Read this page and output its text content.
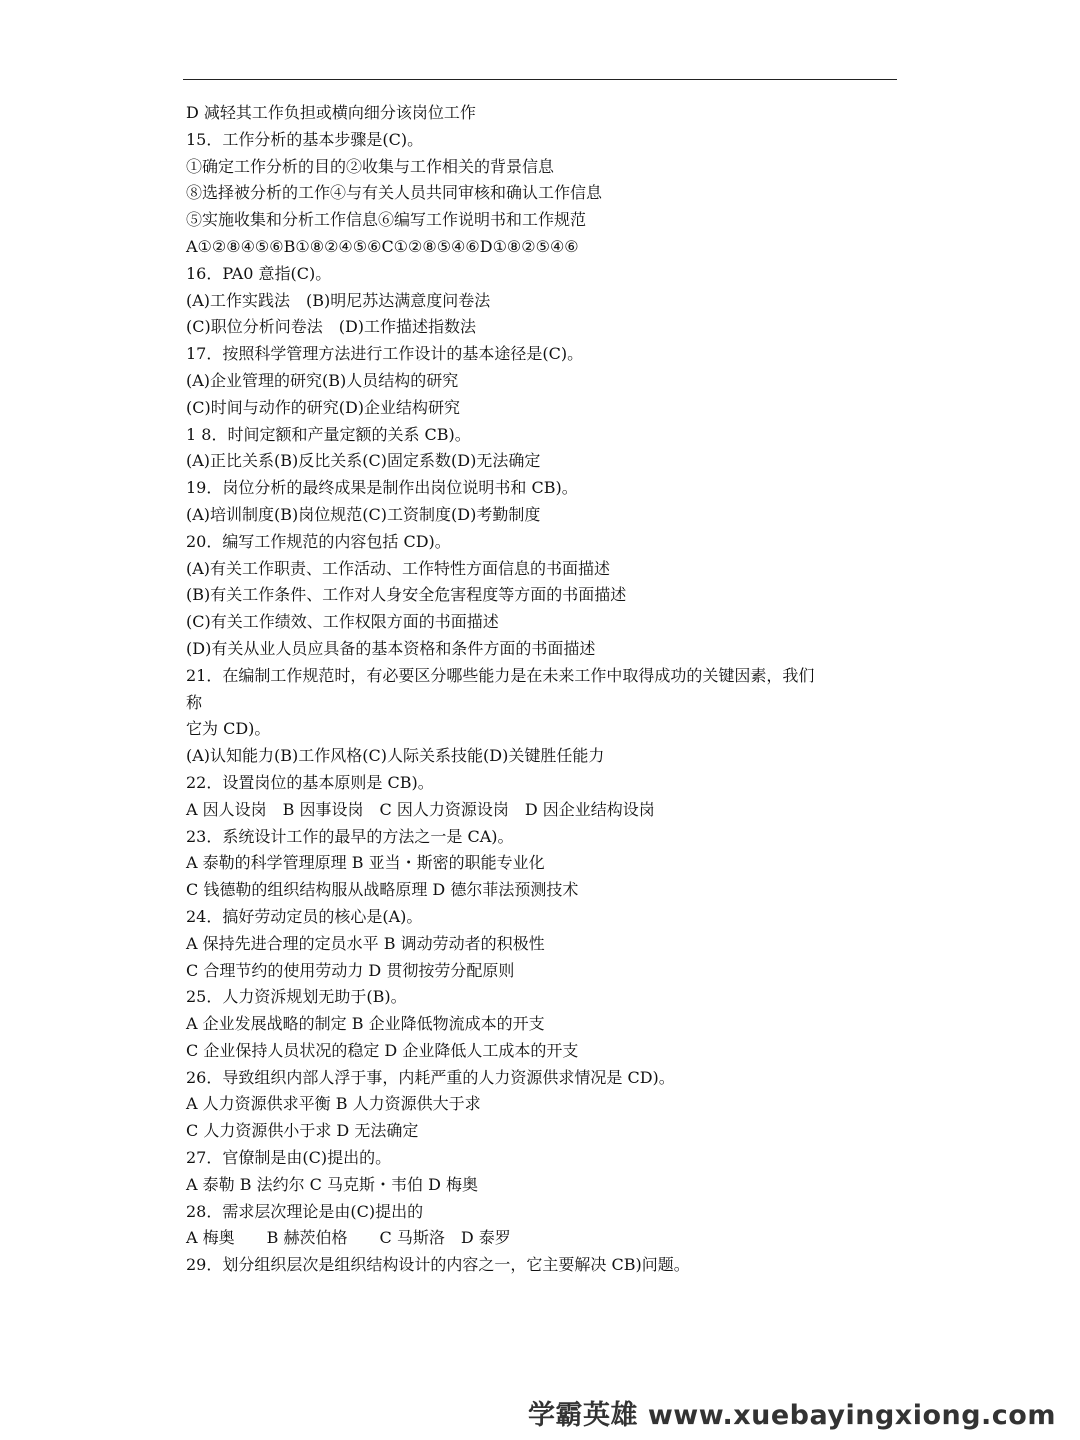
D 减轻其工作负担或横向细分该岗位工作
15．工作分析的基本步骤是(C)。
①确定工作分析的目的②收集与工作相关的背景信息
⑧选择被分析的工作④与有关人员共同审核和确认工作信息
⑤实施收集和分析工作信息⑥编写工作说明书和工作规范
A①②⑧④⑤⑥B①⑧②④⑤⑥C①②⑧⑤④⑥D①⑧②⑤④⑥
16．PA0 意指(C)。
(A)工作实践法　(B)明尼苏达满意度问卷法
(C)职位分析问卷法　(D)工作描述指数法
17．按照科学管理方法进行工作设计的基本途径是(C)。
(A)企业管理的研究(B)人员结构的研究
(C)时间与动作的研究(D)企业结构研究
1 8．时间定额和产量定额的关系 CB)。
(A)正比关系(B)反比关系(C)固定系数(D)无法确定
19．岗位分析的最终成果是制作出岗位说明书和 CB)。
(A)培训制度(B)岗位规范(C)工资制度(D)考勤制度
20．编写工作规范的内容包括 CD)。
(A)有关工作职责、工作活动、工作特性方面信息的书面描述
(B)有关工作条件、工作对人身安全危害程度等方面的书面描述
(C)有关工作绩效、工作权限方面的书面描述
(D)有关从业人员应具备的基本资格和条件方面的书面描述
21．在编制工作规范时，有必要区分哪些能力是在未来工作中取得成功的关键因素，我们
称
它为 CD)。
(A)认知能力(B)工作风格(C)人际关系技能(D)关键胜任能力
22．设置岗位的基本原则是 CB)。
A 因人设岗　B 因事设岗　C 因人力资源设岗　D 因企业结构设岗
23．系统设计工作的最早的方法之一是 CA)。
A 泰勒的科学管理原理 B 亚当・斯密的职能专业化
C 钱德勒的组织结构服从战略原理 D 德尔菲法预测技术
24．搞好劳动定员的核心是(A)。
A 保持先进合理的定员水平 B 调动劳动者的积极性
C 合理节约的使用劳动力 D 贯彻按劳分配原则
25．人力资泝规划无助于(B)。
A 企业发展战略的制定 B 企业降低物流成本的开支
C 企业保持人员状况的稳定 D 企业降低人工成本的开支
26．导致组织内部人浮于事，内耗严重的人力资源供求情况是 CD)。
A 人力资源供求平衡 B 人力资源供大于求
C 人力资源供小于求 D 无法确定
27．官僚制是由(C)提出的。
A 泰勒 B 法约尔 C 马克斯・韦伯 D 梅奥
28．需求层次理论是由(C)提出的
A 梅奥　　B 赫茨伯格　　C 马斯洛　D 泰罗
29．划分组织层次是组织结构设计的内容之一，它主要解决 CB)问题。
学霸英雄 www.xuebayingxiong.com
